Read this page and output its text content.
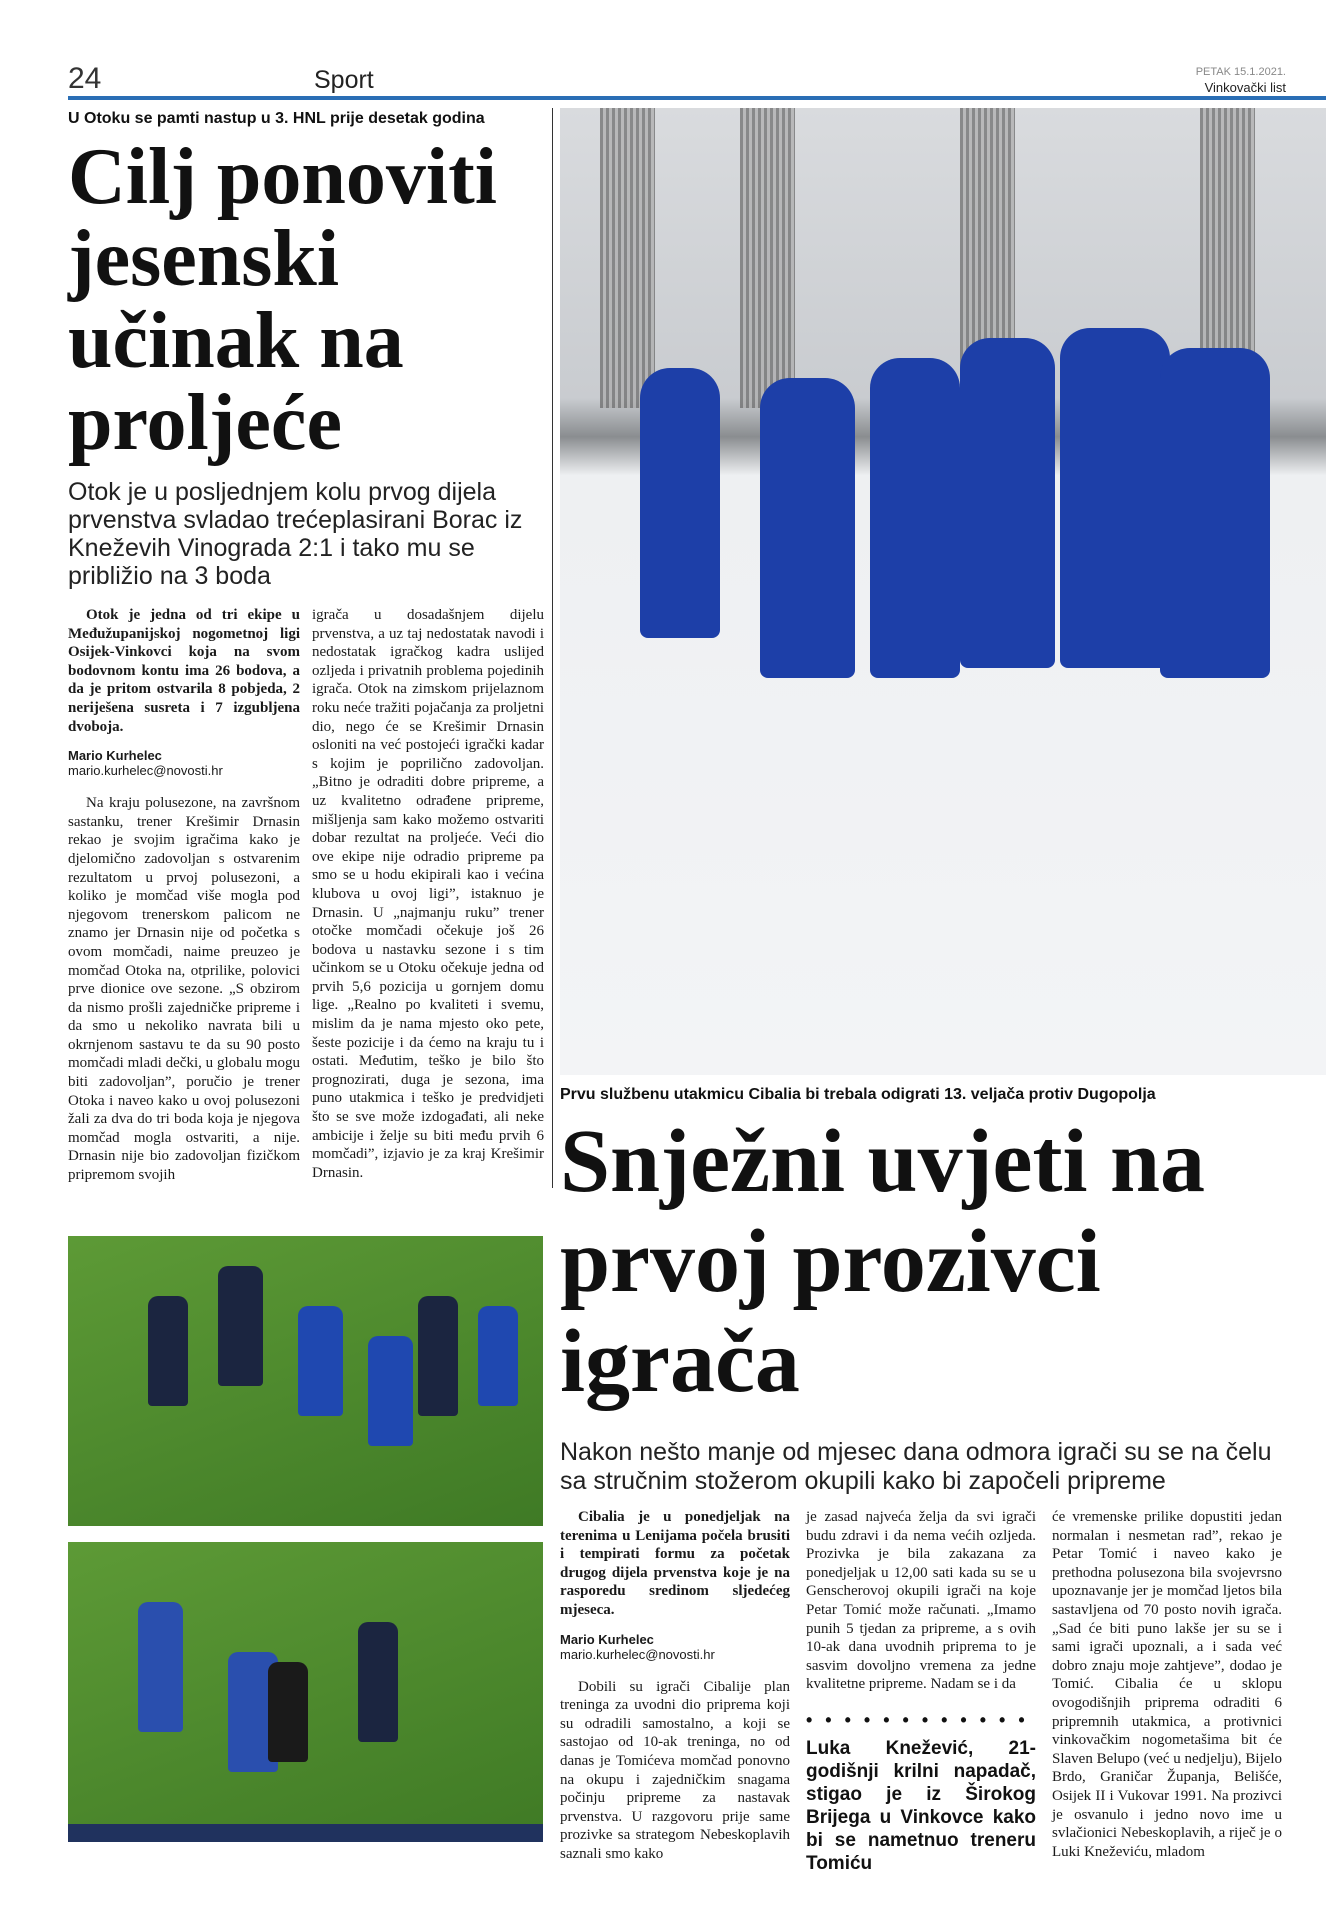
24	Sport	PETAK 15.1.2021.
Vinkovački list
U Otoku se pamti nastup u 3. HNL prije desetak godina
Cilj ponoviti jesenski učinak na proljeće
Otok je u posljednjem kolu prvog dijela prvenstva svladao trećeplasirani Borac iz Kneževih Vinograda 2:1 i tako mu se približio na 3 boda

Otok je jedna od tri ekipe u Međužupanijskoj nogometnoj ligi Osijek-Vinkovci koja na svom bodovnom kontu ima 26 bodova, a da je pritom ostvarila 8 pobjeda, 2 neriješena susreta i 7 izgubljena dvoboja.

Mario Kurhelec

mario.kurhelec@novosti.hr

Na kraju polusezone, na završnom sastanku, trener Krešimir Drnasin rekao je svojim igračima kako je djelomično zadovoljan s ostvarenim rezultatom u prvoj polusezoni, a koliko je momčad više mogla pod njegovom trenerskom palicom ne znamo jer Drnasin nije od početka s ovom momčadi, naime preuzeo je momčad Otoka na, otprilike, polovici prve dionice ove sezone. „S obzirom da nismo prošli zajedničke pripreme i da smo u nekoliko navrata bili u okrnjenom sastavu te da su 90 posto momčadi mladi dečki, u globalu mogu biti zadovoljan”, poručio je trener Otoka i naveo kako u ovoj polusezoni žali za dva do tri boda koja je njegova momčad mogla ostvariti, a nije. Drnasin nije bio zadovoljan fizičkom pripremom svojih

igrača u dosadašnjem dijelu prvenstva, a uz taj nedostatak navodi i nedostatak igračkog kadra uslijed ozljeda i privatnih problema pojedinih igrača. Otok na zimskom prijelaznom roku neće tražiti pojačanja za proljetni dio, nego će se Krešimir Drnasin osloniti na već postojeći igrački kadar s kojim je poprilično zadovoljan. „Bitno je odraditi dobre pripreme, a uz kvalitetno odrađene pripreme, mišljenja sam kako možemo ostvariti dobar rezultat na proljeće. Veći dio ove ekipe nije odradio pripreme pa smo se u hodu ekipirali kao i većina klubova u ovoj ligi”, istaknuo je Drnasin. U „najmanju ruku” trener otočke momčadi očekuje još 26 bodova u nastavku sezone i s tim učinkom se u Otoku očekuje jedna od prvih 5,6 pozicija u gornjem domu lige. „Realno po kvaliteti i svemu, mislim da je nama mjesto oko pete, šeste pozicije i da ćemo na kraju tu i ostati. Međutim, teško je bilo što prognozirati, duga je sezona, ima puno utakmica i teško je predvidjeti što se sve može izdogađati, ali neke ambicije i želje su biti među prvih 6 momčadi”, izjavio je za kraj Krešimir Drnasin.

Prvu službenu utakmicu Cibalia bi trebala odigrati 13. veljača protiv Dugopolja
Snježni uvjeti na prvoj prozivci igrača
Nakon nešto manje od mjesec dana odmora igrači su se na čelu sa stručnim stožerom okupili kako bi započeli pripreme

Cibalia je u ponedjeljak na terenima u Lenijama počela brusiti i tempirati formu za početak drugog dijela prvenstva koje je na rasporedu sredinom sljedećeg mjeseca.

Mario Kurhelec

mario.kurhelec@novosti.hr

Dobili su igrači Cibalije plan treninga za uvodni dio priprema koji su odradili samostalno, a koji se sastojao od 10-ak treninga, no od danas je Tomićeva momčad ponovno na okupu i zajedničkim snagama počinju pripreme za nastavak prvenstva. U razgovoru prije same prozivke sa strategom Nebeskoplavih saznali smo kako

je zasad najveća želja da svi igrači budu zdravi i da nema većih ozljeda. Prozivka je bila zakazana za ponedjeljak u 12,00 sati kada su se u Genscherovoj okupili igrači na koje Petar Tomić može računati. „Imamo punih 5 tjedan za pripreme, a s ovih 10-ak dana uvodnih priprema to je sasvim dovoljno vremena za jedne kvalitetne pripreme. Nadam se i da

• • • • • • • • • • • •
Luka Knežević, 21-godišnji krilni napadač, stigao je iz Širokog Brijega u Vinkovce kako bi se nametnuo treneru Tomiću

će vremenske prilike dopustiti jedan normalan i nesmetan rad”, rekao je Petar Tomić i naveo kako je prethodna polusezona bila svojevrsno upoznavanje jer je momčad ljetos bila sastavljena od 70 posto novih igrača. „Sad će biti puno lakše jer su se i sami igrači upoznali, a i sada već dobro znaju moje zahtjeve”, dodao je Tomić. Cibalia će u sklopu ovogodišnjih priprema odraditi 6 pripremnih utakmica, a protivnici vinkovačkim nogometašima bit će Slaven Belupo (već u nedjelju), Bijelo Brdo, Graničar Županja, Belišće, Osijek II i Vukovar 1991. Na prozivci je osvanulo i jedno novo ime u svlačionici Nebeskoplavih, a riječ je o Luki Kneževiću, mladom
